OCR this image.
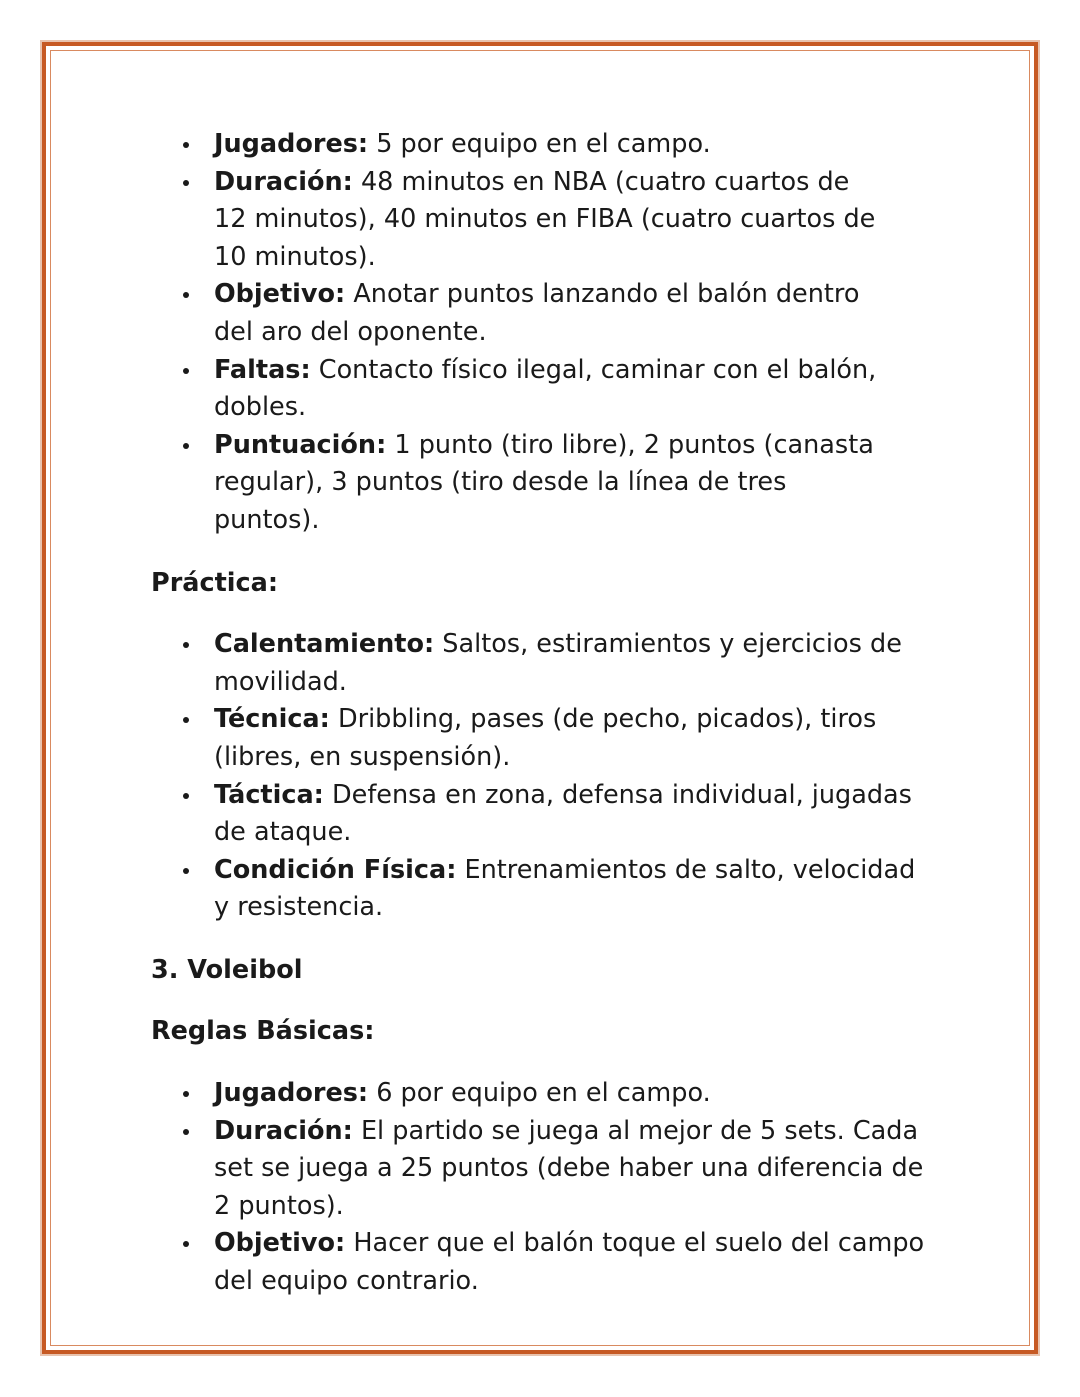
Jugadores: 5 por equipo en el campo.
Duración: 48 minutos en NBA (cuatro cuartos de 12 minutos), 40 minutos en FIBA (cuatro cuartos de 10 minutos).
Objetivo: Anotar puntos lanzando el balón dentro del aro del oponente.
Faltas: Contacto físico ilegal, caminar con el balón, dobles.
Puntuación: 1 punto (tiro libre), 2 puntos (canasta regular), 3 puntos (tiro desde la línea de tres puntos).

Práctica:

Calentamiento: Saltos, estiramientos y ejercicios de movilidad.
Técnica: Dribbling, pases (de pecho, picados), tiros (libres, en suspensión).
Táctica: Defensa en zona, defensa individual, jugadas de ataque.
Condición Física: Entrenamientos de salto, velocidad y resistencia.

3. Voleibol

Reglas Básicas:

Jugadores: 6 por equipo en el campo.
Duración: El partido se juega al mejor de 5 sets. Cada set se juega a 25 puntos (debe haber una diferencia de 2 puntos).
Objetivo: Hacer que el balón toque el suelo del campo del equipo contrario.
